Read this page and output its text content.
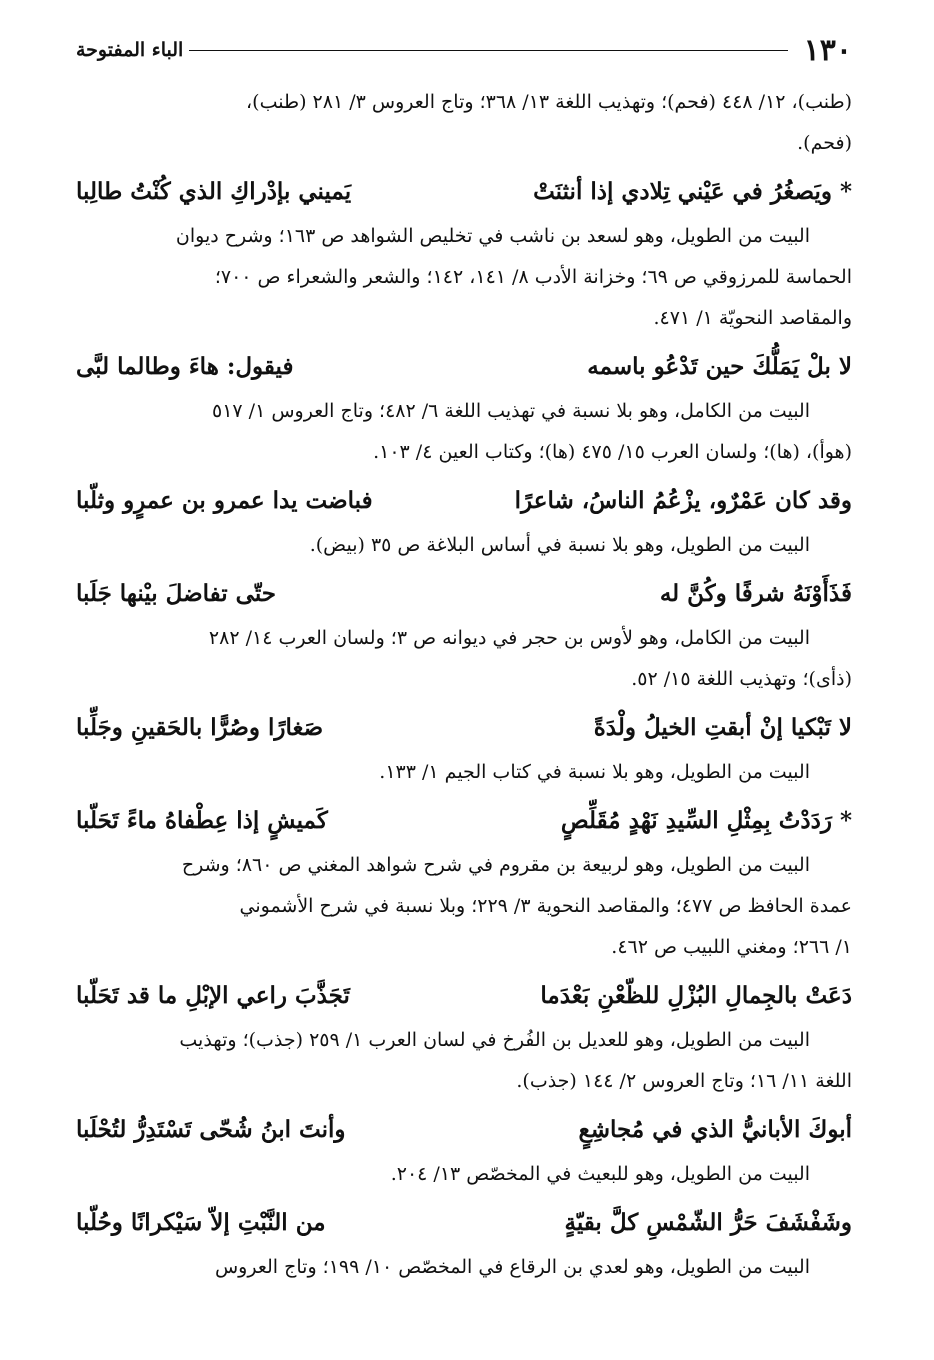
١٣٠
الباء المفتوحة

(طنب)، ١٢/ ٤٤٨ (فحم)؛ وتهذيب اللغة ١٣/ ٣٦٨؛ وتاج العروس ٣/ ٢٨١ (طنب)،

(فحم).

* ويَصغُرُ في عَيْني تِلادي إذا أنثنَتْ
يَميني بإدْراكِ الذي كُنْتُ طالِبا

البيت من الطويل، وهو لسعد بن ناشب في تخليص الشواهد ص ١٦٣؛ وشرح ديوان

الحماسة للمرزوقي ص ٦٩؛ وخزانة الأدب ٨/ ١٤١، ١٤٢؛ والشعر والشعراء ص ٧٠٠؛

والمقاصد النحويّة ١/ ٤٧١.

لا بلْ يَمَلُّكَ حين تَدْعُو باسمه
فيقول: هاءَ وطالما لبَّى

البيت من الكامل، وهو بلا نسبة في تهذيب اللغة ٦/ ٤٨٢؛ وتاج العروس ١/ ٥١٧

(هوأ)، (ها)؛ ولسان العرب ١٥/ ٤٧٥ (ها)؛ وكتاب العين ٤/ ١٠٣.

وقد كان عَمْرٌو، يزْعُمُ الناسُ، شاعرًا
فباضت يدا عمرو بن عمرٍو وثلّبا

البيت من الطويل، وهو بلا نسبة في أساس البلاغة ص ٣٥ (بيض).

فَذَأَوْنَهُ شرفًا وكُنَّ له
حتّى تفاضلَ بيْنها جَلَبا

البيت من الكامل، وهو لأوس بن حجر في ديوانه ص ٣؛ ولسان العرب ١٤/ ٢٨٢

(ذأى)؛ وتهذيب اللغة ١٥/ ٥٢.

لا تَبْكيا إنْ أبقتِ الخيلُ ولْدَةً
صَغارًا وصُرًّا بالحَقينِ وجَلِّبا

البيت من الطويل، وهو بلا نسبة في كتاب الجيم ١/ ١٣٣.

* رَدَدْتُ بِمِثْلِ السِّيدِ نَهْدٍ مُقَلِّصٍ
كَميشٍ إذا عِطْفاهُ ماءً تَحَلّبا

البيت من الطويل، وهو لربيعة بن مقروم في شرح شواهد المغني ص ٨٦٠؛ وشرح

عمدة الحافظ ص ٤٧٧؛ والمقاصد النحوية ٣/ ٢٢٩؛ وبلا نسبة في شرح الأشموني

١/ ٢٦٦؛ ومغني اللبيب ص ٤٦٢.

دَعَتْ بالجِمالِ البُزْلِ للظّعْنِ بَعْدَما
تَجَذَّبَ راعي الإبْلِ ما قد تَحَلّبا

البيت من الطويل، وهو للعديل بن الفُرخ في لسان العرب ١/ ٢٥٩ (جذب)؛ وتهذيب

اللغة ١١/ ١٦؛ وتاج العروس ٢/ ١٤٤ (جذب).

أبوكَ الأبانيُّ الذي في مُجاشِعٍ
وأنتَ ابنُ شُحّى تَسْتَدِرُّ لتُحْلَبا

البيت من الطويل، وهو للبعيث في المخصّص ١٣/ ٢٠٤.

وشَفْشَفَ حَرُّ الشّمْسِ كلَّ بقيّةٍ
من النَّبْتِ إلاّ سَيْكرانًا وحُلّبا

البيت من الطويل، وهو لعدي بن الرقاع في المخصّص ١٠/ ١٩٩؛ وتاج العروس
